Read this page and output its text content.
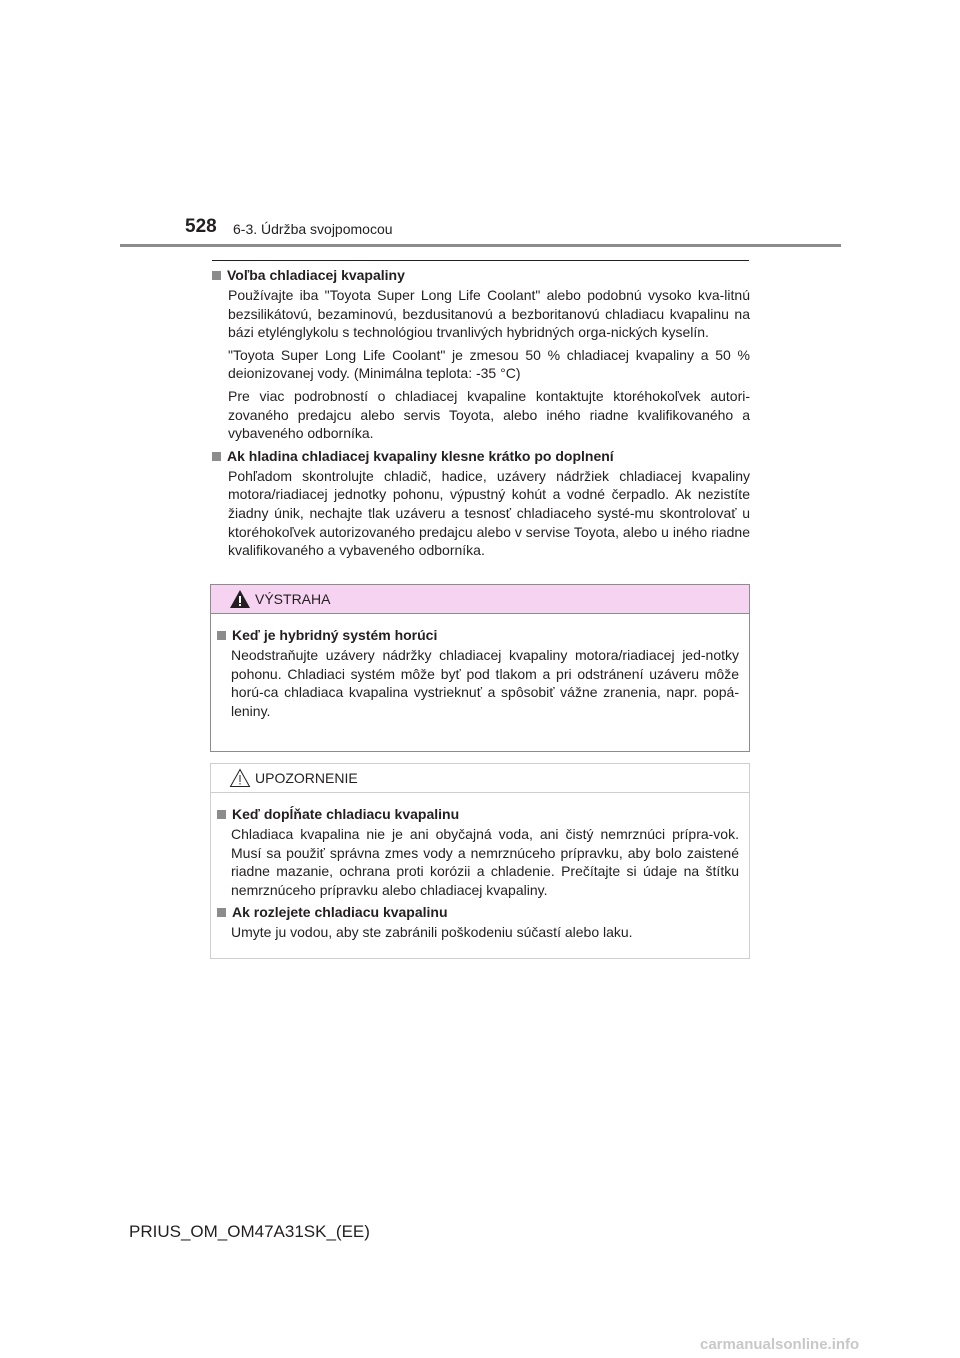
528 6-3. Údržba svojpomocou

Voľba chladiacej kvapaliny

Používajte iba "Toyota Super Long Life Coolant" alebo podobnú vysoko kva-litnú bezsilikátovú, bezaminovú, bezdusitanovú a bezboritanovú chladiacu kvapalinu na bázi etylénglykolu s technológiou trvanlivých hybridných orga-nických kyselín.

"Toyota Super Long Life Coolant" je zmesou 50 % chladiacej kvapaliny a 50 % deionizovanej vody. (Minimálna teplota: -35 °C)

Pre viac podrobností o chladiacej kvapaline kontaktujte ktoréhokoľvek autori-zovaného predajcu alebo servis Toyota, alebo iného riadne kvalifikovaného a vybaveného odborníka.

Ak hladina chladiacej kvapaliny klesne krátko po doplnení

Pohľadom skontrolujte chladič, hadice, uzávery nádržiek chladiacej kvapaliny motora/riadiacej jednotky pohonu, výpustný kohút a vodné čerpadlo. Ak nezistíte žiadny únik, nechajte tlak uzáveru a tesnosť chladiaceho systé-mu skontrolovať u ktoréhokoľvek autorizovaného predajcu alebo v servise Toyota, alebo u iného riadne kvalifikovaného a vybaveného odborníka.

VÝSTRAHA

Keď je hybridný systém horúci

Neodstraňujte uzávery nádržky chladiacej kvapaliny motora/riadiacej jed-notky pohonu. Chladiaci systém môže byť pod tlakom a pri odstránení uzáveru môže horú-ca chladiaca kvapalina vystrieknuť a spôsobiť vážne zranenia, napr. popá-leniny.

UPOZORNENIE

Keď dopĺňate chladiacu kvapalinu

Chladiaca kvapalina nie je ani obyčajná voda, ani čistý nemrznúci prípra-vok. Musí sa použiť správna zmes vody a nemrznúceho prípravku, aby bolo zaistené riadne mazanie, ochrana proti korózii a chladenie. Prečítajte si údaje na štítku nemrznúceho prípravku alebo chladiacej kvapaliny.

Ak rozlejete chladiacu kvapalinu

Umyte ju vodou, aby ste zabránili poškodeniu súčastí alebo laku.

PRIUS_OM_OM47A31SK_(EE)
carmanualsonline.info
